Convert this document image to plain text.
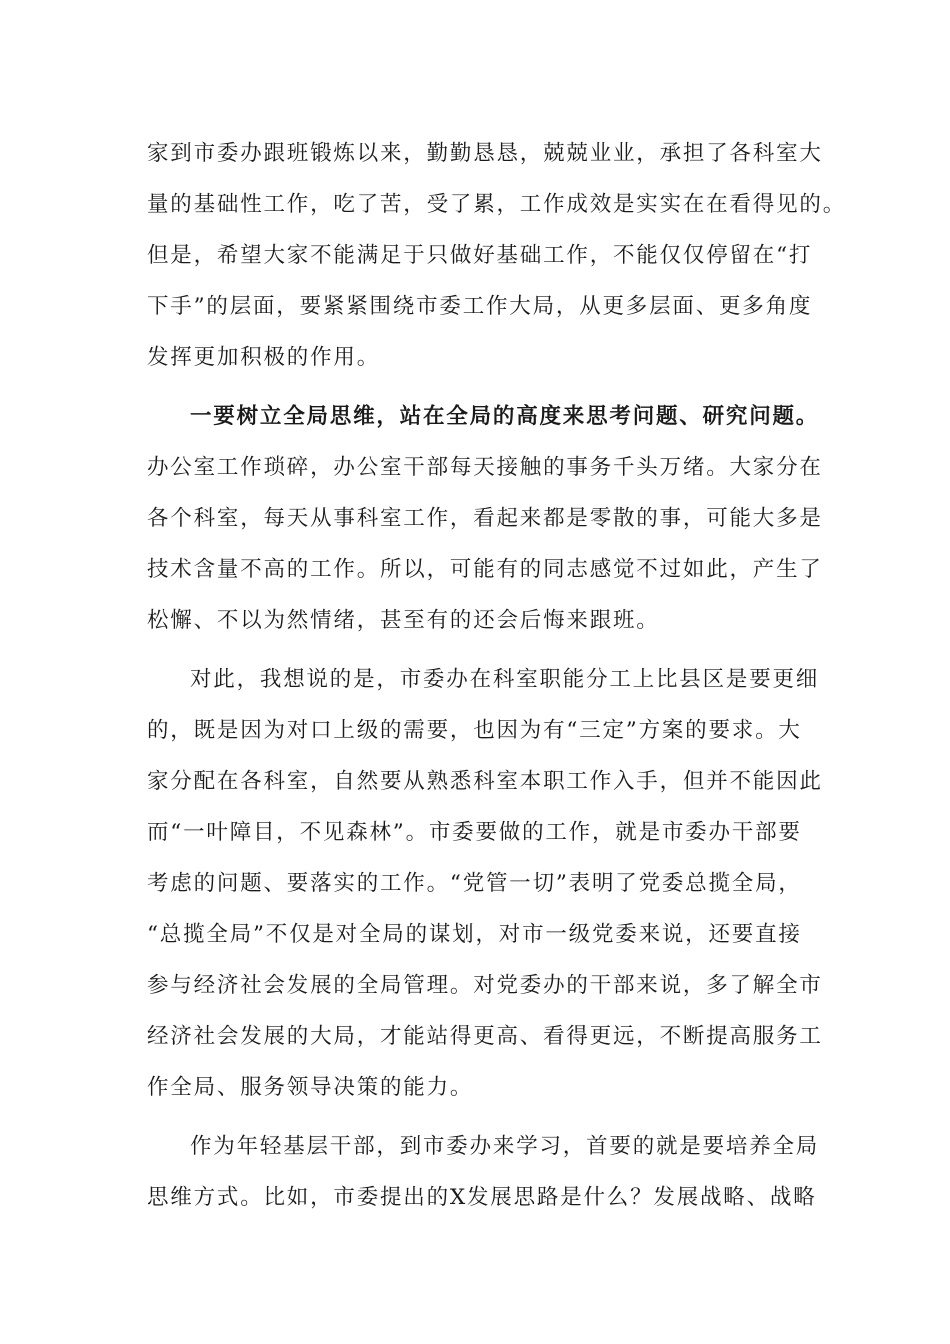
家到市委办跟班锻炼以来，勤勤恳恳，兢兢业业，承担了各科室大
量的基础性工作，吃了苦，受了累，工作成效是实实在在看得见的。
但是，希望大家不能满足于只做好基础工作，不能仅仅停留在“打
下手”的层面，要紧紧围绕市委工作大局，从更多层面、更多角度
发挥更加积极的作用。

一要树立全局思维，站在全局的高度来思考问题、研究问题。
办公室工作琐碎，办公室干部每天接触的事务千头万绪。大家分在
各个科室，每天从事科室工作，看起来都是零散的事，可能大多是
技术含量不高的工作。所以，可能有的同志感觉不过如此，产生了
松懈、不以为然情绪，甚至有的还会后悔来跟班。

对此，我想说的是，市委办在科室职能分工上比县区是要更细
的，既是因为对口上级的需要，也因为有“三定”方案的要求。大
家分配在各科室，自然要从熟悉科室本职工作入手，但并不能因此
而“一叶障目，不见森林”。市委要做的工作，就是市委办干部要
考虑的问题、要落实的工作。“党管一切”表明了党委总揽全局，
“总揽全局”不仅是对全局的谋划，对市一级党委来说，还要直接
参与经济社会发展的全局管理。对党委办的干部来说，多了解全市
经济社会发展的大局，才能站得更高、看得更远，不断提高服务工
作全局、服务领导决策的能力。

作为年轻基层干部，到市委办来学习，首要的就是要培养全局
思维方式。比如，市委提出的X发展思路是什么？发展战略、战略
